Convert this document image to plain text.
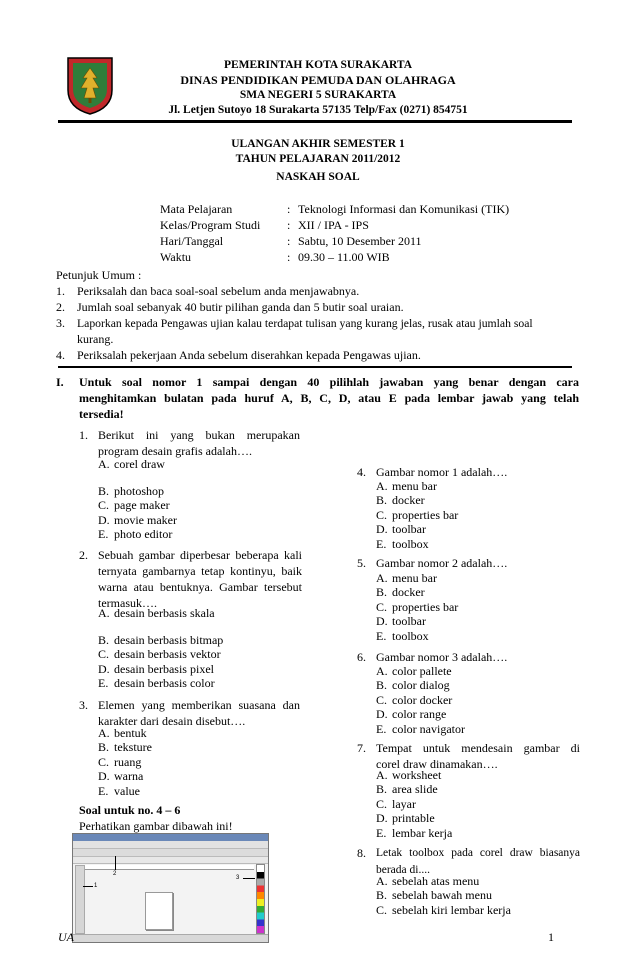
PEMERINTAH KOTA SURAKARTA
DINAS PENDIDIKAN PEMUDA DAN OLAHRAGA
SMA NEGERI 5 SURAKARTA
Jl. Letjen Sutoyo 18 Surakarta 57135 Telp/Fax (0271) 854751
ULANGAN AKHIR SEMESTER 1
TAHUN PELAJARAN 2011/2012
NASKAH SOAL
Mata Pelajaran	: Teknologi Informasi dan Komunikasi (TIK)
Kelas/Program Studi : XII / IPA - IPS
Hari/Tanggal	: Sabtu, 10 Desember 2011
Waktu	: 09.30 – 11.00 WIB
Petunjuk Umum :
1. Periksalah dan baca soal-soal sebelum anda menjawabnya.
2. Jumlah soal sebanyak 40 butir pilihan ganda dan 5 butir soal uraian.
3. Laporkan kepada Pengawas ujian kalau terdapat tulisan yang kurang jelas, rusak atau jumlah soal
kurang.
4. Periksalah pekerjaan Anda sebelum diserahkan kepada Pengawas ujian.
I. Untuk soal nomor 1 sampai dengan 40 pilihlah jawaban yang benar dengan cara
menghitamkan bulatan pada huruf A, B, C, D, atau E pada lembar jawab yang telah
tersedia!
1. Berikut ini yang bukan merupakan
program desain grafis adalah….
A. corel draw
B. photoshop
C. page maker
D. movie maker
E. photo editor
2. Sebuah gambar diperbesar beberapa kali
ternyata gambarnya tetap kontinyu, baik
warna atau bentuknya. Gambar tersebut
termasuk….
A. desain berbasis skala
B. desain berbasis bitmap
C. desain berbasis vektor
D. desain berbasis pixel
E. desain berbasis color
3. Elemen yang memberikan suasana dan
karakter dari desain disebut….
A. bentuk
B. teksture
C. ruang
D. warna
E. value
Soal untuk no. 4 – 6
Perhatikan gambar dibawah ini!
1
2
3
4. Gambar nomor 1 adalah….
A. menu bar
B. docker
C. properties bar
D. toolbar
E. toolbox
5. Gambar nomor 2 adalah….
A. menu bar
B. docker
C. properties bar
D. toolbar
E. toolbox
6. Gambar nomor 3 adalah….
A. color pallete
B. color dialog
C. color docker
D. color range
E. color navigator
7. Tempat untuk mendesain gambar di
corel draw dinamakan….
A. worksheet
B. area slide
C. layar
D. printable
E. lembar kerja
8. Letak toolbox pada corel draw biasanya
berada di....
A. sebelah atas menu
B. sebelah bawah menu
C. sebelah kiri lembar kerja
UA	1
